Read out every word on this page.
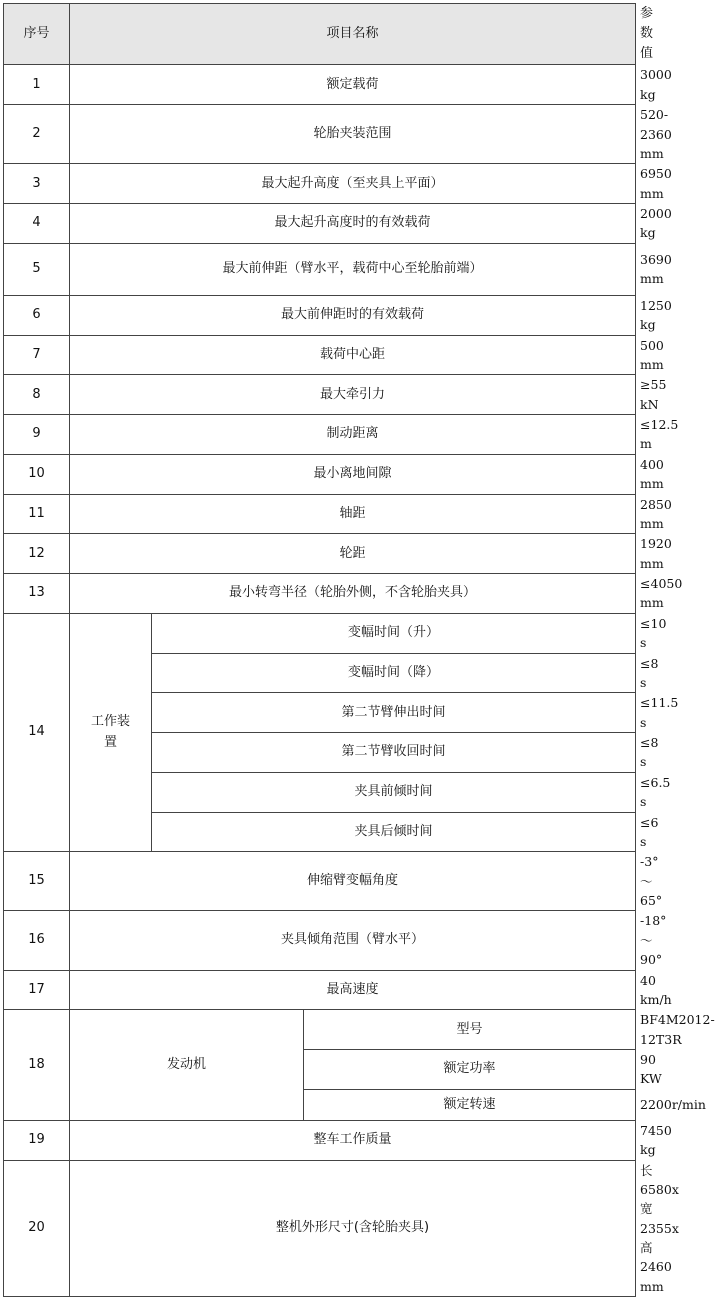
序号	项目名称			参数值
1	额定载荷			3000 kg
2	轮胎夹装范围			520-2360 mm
3	最大起升高度（至夹具上平面）			6950 mm
4	最大起升高度时的有效载荷			2000 kg
5	最大前伸距（臂水平，载荷中心至轮胎前端）			3690 mm
6	最大前伸距时的有效载荷			1250 kg
7	载荷中心距			500 mm
8	最大牵引力			≥55 kN
9	制动距离			≤12.5 m
10	最小离地间隙			400 mm
11	轴距			2850 mm
12	轮距			1920 mm
13	最小转弯半径（轮胎外侧，不含轮胎夹具）			≤4050 mm
14	工作装置	变幅时间（升）		≤10 s
		变幅时间（降）		≤8 s
		第二节臂伸出时间		≤11.5 s
		第二节臂收回时间		≤8 s
		夹具前倾时间		≤6.5 s
		夹具后倾时间		≤6 s
15	伸缩臂变幅角度			-3°～65°
16	夹具倾角范围（臂水平）			-18°～90°
17	最高速度			40 km/h
18	发动机		型号	BF4M2012-12T3R
			额定功率	90 KW
			额定转速	2200r/min
19	整车工作质量			7450 kg
20	整机外形尺寸(含轮胎夹具)			长6580x宽2355x高2460 mm
